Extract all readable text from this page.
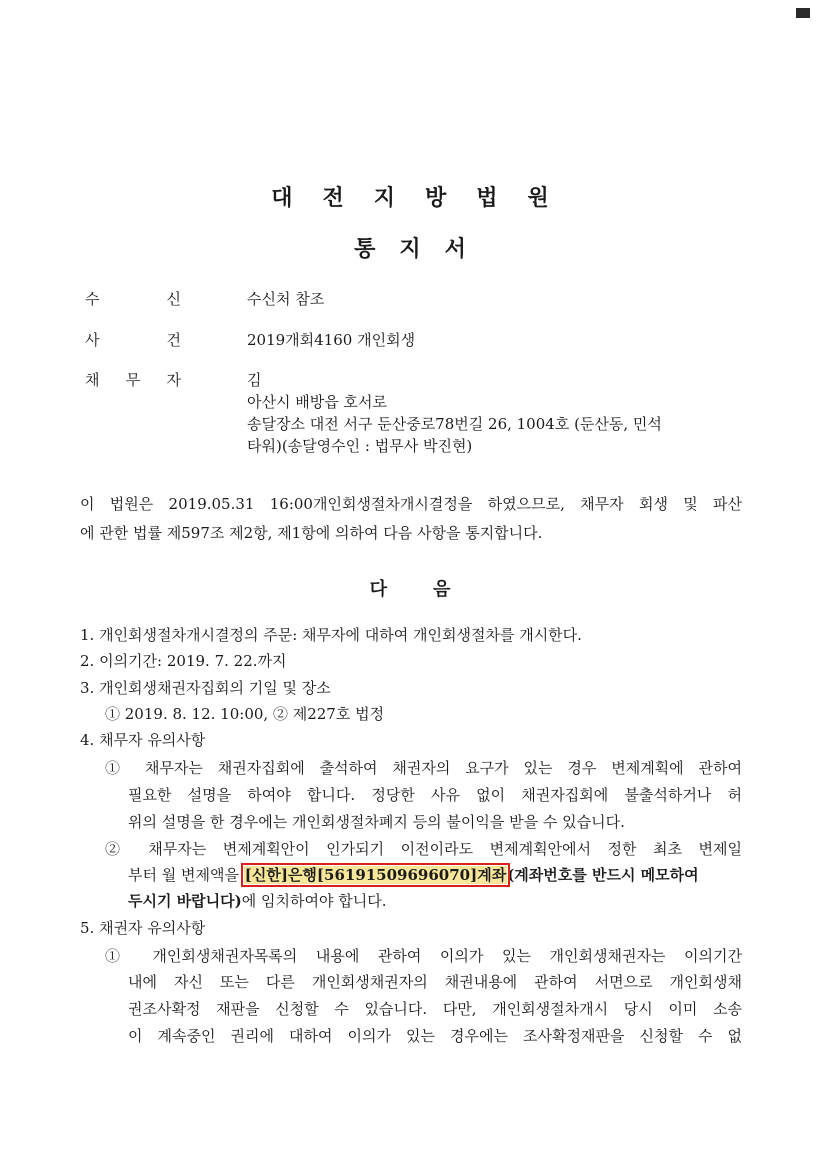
대전지방법원
통지서
수	신	수신처 참조
사	건	2019개회4160 개인회생
채 무 자	김
아산시 배방읍 호서로
송달장소 대전 서구 둔산중로78번길 26, 1004호 (둔산동, 민석
타워)(송달영수인 : 법무사 박진현)
이 법원은 2019.05.31 16:00개인회생절차개시결정을 하였으므로, 채무자 회생 및 파산
에 관한 법률 제597조 제2항, 제1항에 의하여 다음 사항을 통지합니다.
다음
1. 개인회생절차개시결정의 주문: 채무자에 대하여 개인회생절차를 개시한다.
2. 이의기간: 2019. 7. 22.까지
3. 개인회생채권자집회의 기일 및 장소
① 2019. 8. 12. 10:00, ② 제227호 법정
4. 채무자 유의사항
① 채무자는 채권자집회에 출석하여 채권자의 요구가 있는 경우 변제계획에 관하여
필요한 설명을 하여야 합니다. 정당한 사유 없이 채권자집회에 불출석하거나 허
위의 설명을 한 경우에는 개인회생절차폐지 등의 불이익을 받을 수 있습니다.
② 채무자는 변제계획안이 인가되기 이전이라도 변제계획안에서 정한 최초 변제일
부터 월 변제액을 [신한]은행[56191509696070]계좌(계좌번호를 반드시 메모하여
두시기 바랍니다)에 임치하여야 합니다.
5. 채권자 유의사항
① 개인회생채권자목록의 내용에 관하여 이의가 있는 개인회생채권자는 이의기간
내에 자신 또는 다른 개인회생채권자의 채권내용에 관하여 서면으로 개인회생채
권조사확정 재판을 신청할 수 있습니다. 다만, 개인회생절차개시 당시 이미 소송
이 계속중인 권리에 대하여 이의가 있는 경우에는 조사확정재판을 신청할 수 없
